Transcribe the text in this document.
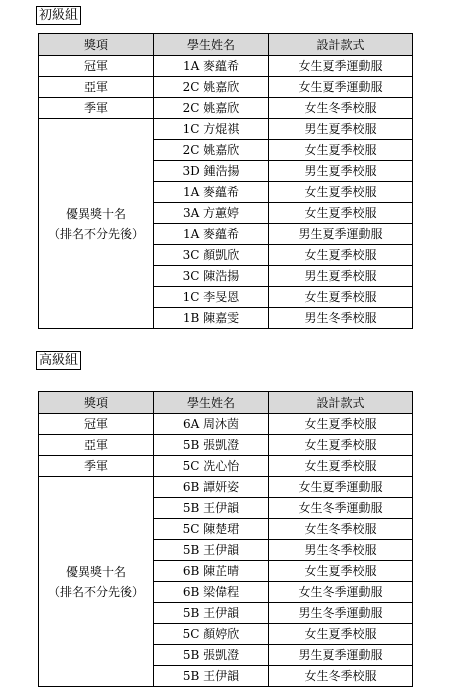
初級組
獎項	學生姓名	設計款式
冠軍	1A 麥蘊希	女生夏季運動服
亞軍	2C 姚嘉欣	女生夏季運動服
季軍	2C 姚嘉欣	女生冬季校服

優異獎十名
（排名不分先後）	1C 方焜祺	男生夏季校服
	2C 姚嘉欣	女生夏季校服
	3D 鍾浩揚	男生夏季校服
	1A 麥蘊希	女生夏季校服
	3A 方蕙婷	女生夏季校服
	1A 麥蘊希	男生夏季運動服
	3C 顏凱欣	女生夏季校服
	3C 陳浩揚	男生夏季校服
	1C 李旻恩	女生夏季校服
	1B 陳嘉雯	男生冬季校服
高級組
獎項	學生姓名	設計款式
冠軍	6A 周沐茵	女生夏季校服
亞軍	5B 張凱澄	女生夏季校服
季軍	5C 冼心怡	女生夏季校服

優異獎十名
（排名不分先後）	6B 譚妍姿	女生夏季運動服
	5B 王伊韻	女生冬季運動服
	5C 陳楚珺	女生冬季校服
	5B 王伊韻	男生冬季校服
	6B 陳芷晴	女生夏季校服
	6B 梁偉程	女生冬季運動服
	5B 王伊韻	男生冬季運動服
	5C 顏婷欣	女生夏季校服
	5B 張凱澄	男生夏季運動服
	5B 王伊韻	女生冬季校服
